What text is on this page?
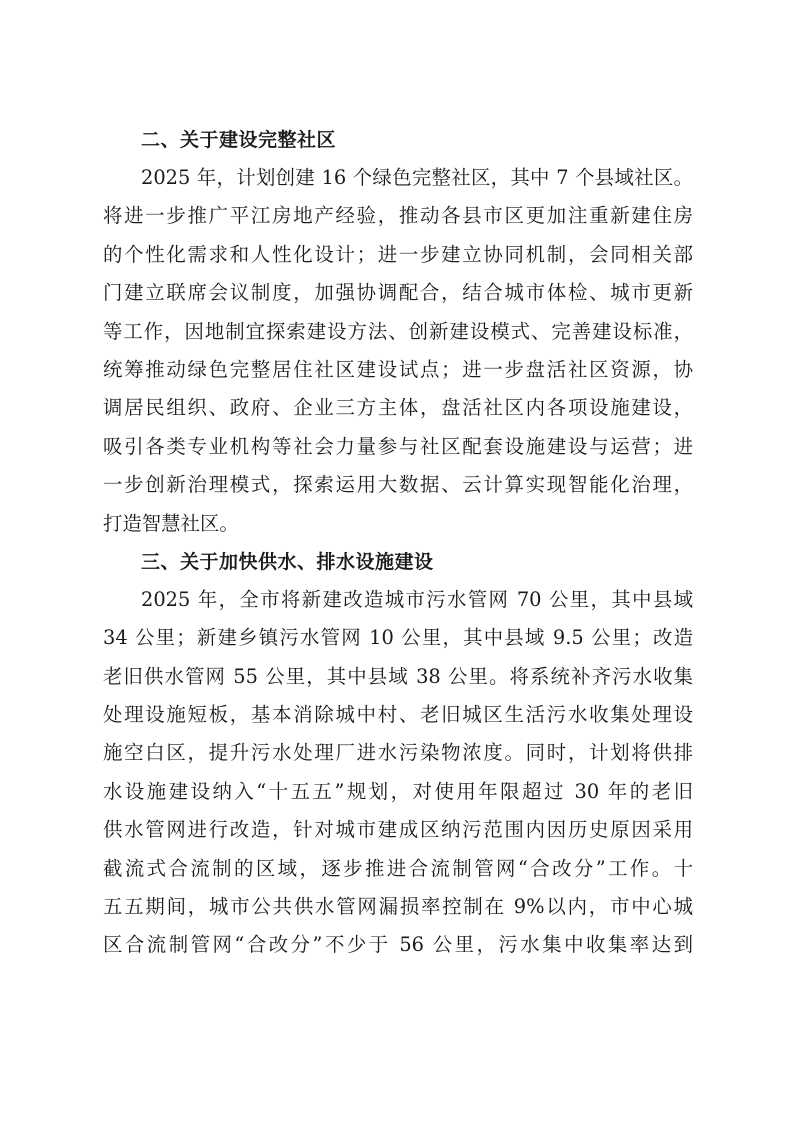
二、关于建设完整社区
2025 年，计划创建 16 个绿色完整社区，其中 7 个县域社区。
将进一步推广平江房地产经验，推动各县市区更加注重新建住房
的个性化需求和人性化设计；进一步建立协同机制，会同相关部
门建立联席会议制度，加强协调配合，结合城市体检、城市更新
等工作，因地制宜探索建设方法、创新建设模式、完善建设标准，
统筹推动绿色完整居住社区建设试点；进一步盘活社区资源，协
调居民组织、政府、企业三方主体，盘活社区内各项设施建设，
吸引各类专业机构等社会力量参与社区配套设施建设与运营；进
一步创新治理模式，探索运用大数据、云计算实现智能化治理，
打造智慧社区。
三、关于加快供水、排水设施建设
2025 年，全市将新建改造城市污水管网 70 公里，其中县域
34 公里；新建乡镇污水管网 10 公里，其中县域 9.5 公里；改造
老旧供水管网 55 公里，其中县域 38 公里。将系统补齐污水收集
处理设施短板，基本消除城中村、老旧城区生活污水收集处理设
施空白区，提升污水处理厂进水污染物浓度。同时，计划将供排
水设施建设纳入“十五五”规划，对使用年限超过 30 年的老旧
供水管网进行改造，针对城市建成区纳污范围内因历史原因采用
截流式合流制的区域，逐步推进合流制管网“合改分”工作。十
五五期间，城市公共供水管网漏损率控制在 9%以内，市中心城
区合流制管网“合改分”不少于 56 公里，污水集中收集率达到
